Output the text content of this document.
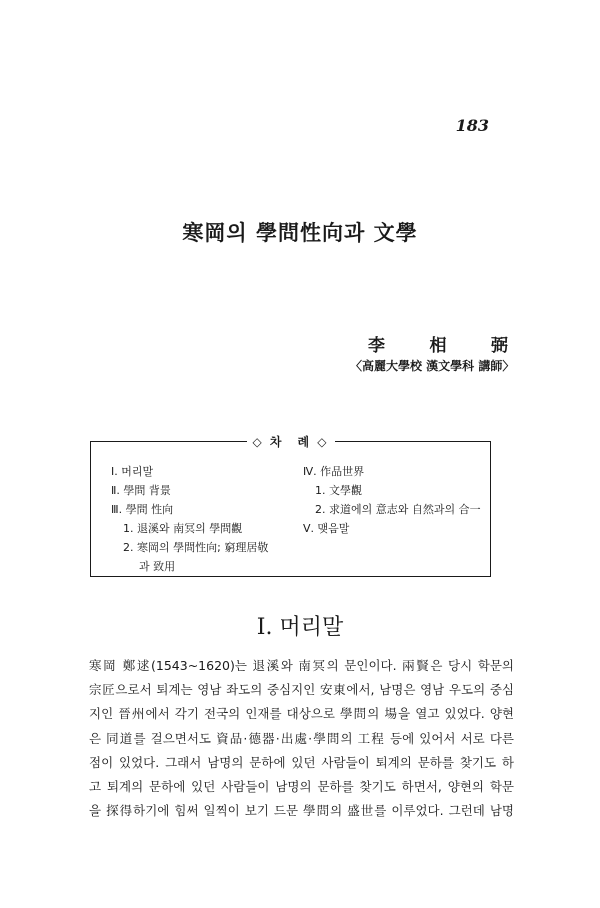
183
寒岡의 學問性向과 文學
李	相	弼
〈高麗大學校 漢文學科 講師〉
◇ 차　례 ◇
Ⅰ. 머리말
Ⅱ. 學問 背景
Ⅲ. 學問 性向
1. 退溪와 南冥의 學問觀
2. 寒岡의 學問性向; 窮理居敬
과 致用
Ⅳ. 作品世界
1. 文學觀
2. 求道에의 意志와 自然과의 合一
Ⅴ. 맺음말
Ⅰ. 머리말
寒岡 鄭逑(1543~1620)는 退溪와 南冥의 문인이다. 兩賢은 당시 학문의
宗匠으로서 퇴계는 영남 좌도의 중심지인 安東에서, 남명은 영남 우도의 중심
지인 晉州에서 각기 전국의 인재를 대상으로 學問의 場을 열고 있었다. 양현
은 同道를 걸으면서도 資品·德器·出處·學問의 工程 등에 있어서 서로 다른
점이 있었다. 그래서 남명의 문하에 있던 사람들이 퇴계의 문하를 찾기도 하
고 퇴계의 문하에 있던 사람들이 남명의 문하를 찾기도 하면서, 양현의 학문
을 探得하기에 힘써 일찍이 보기 드문 學問의 盛世를 이루었다. 그런데 남명
